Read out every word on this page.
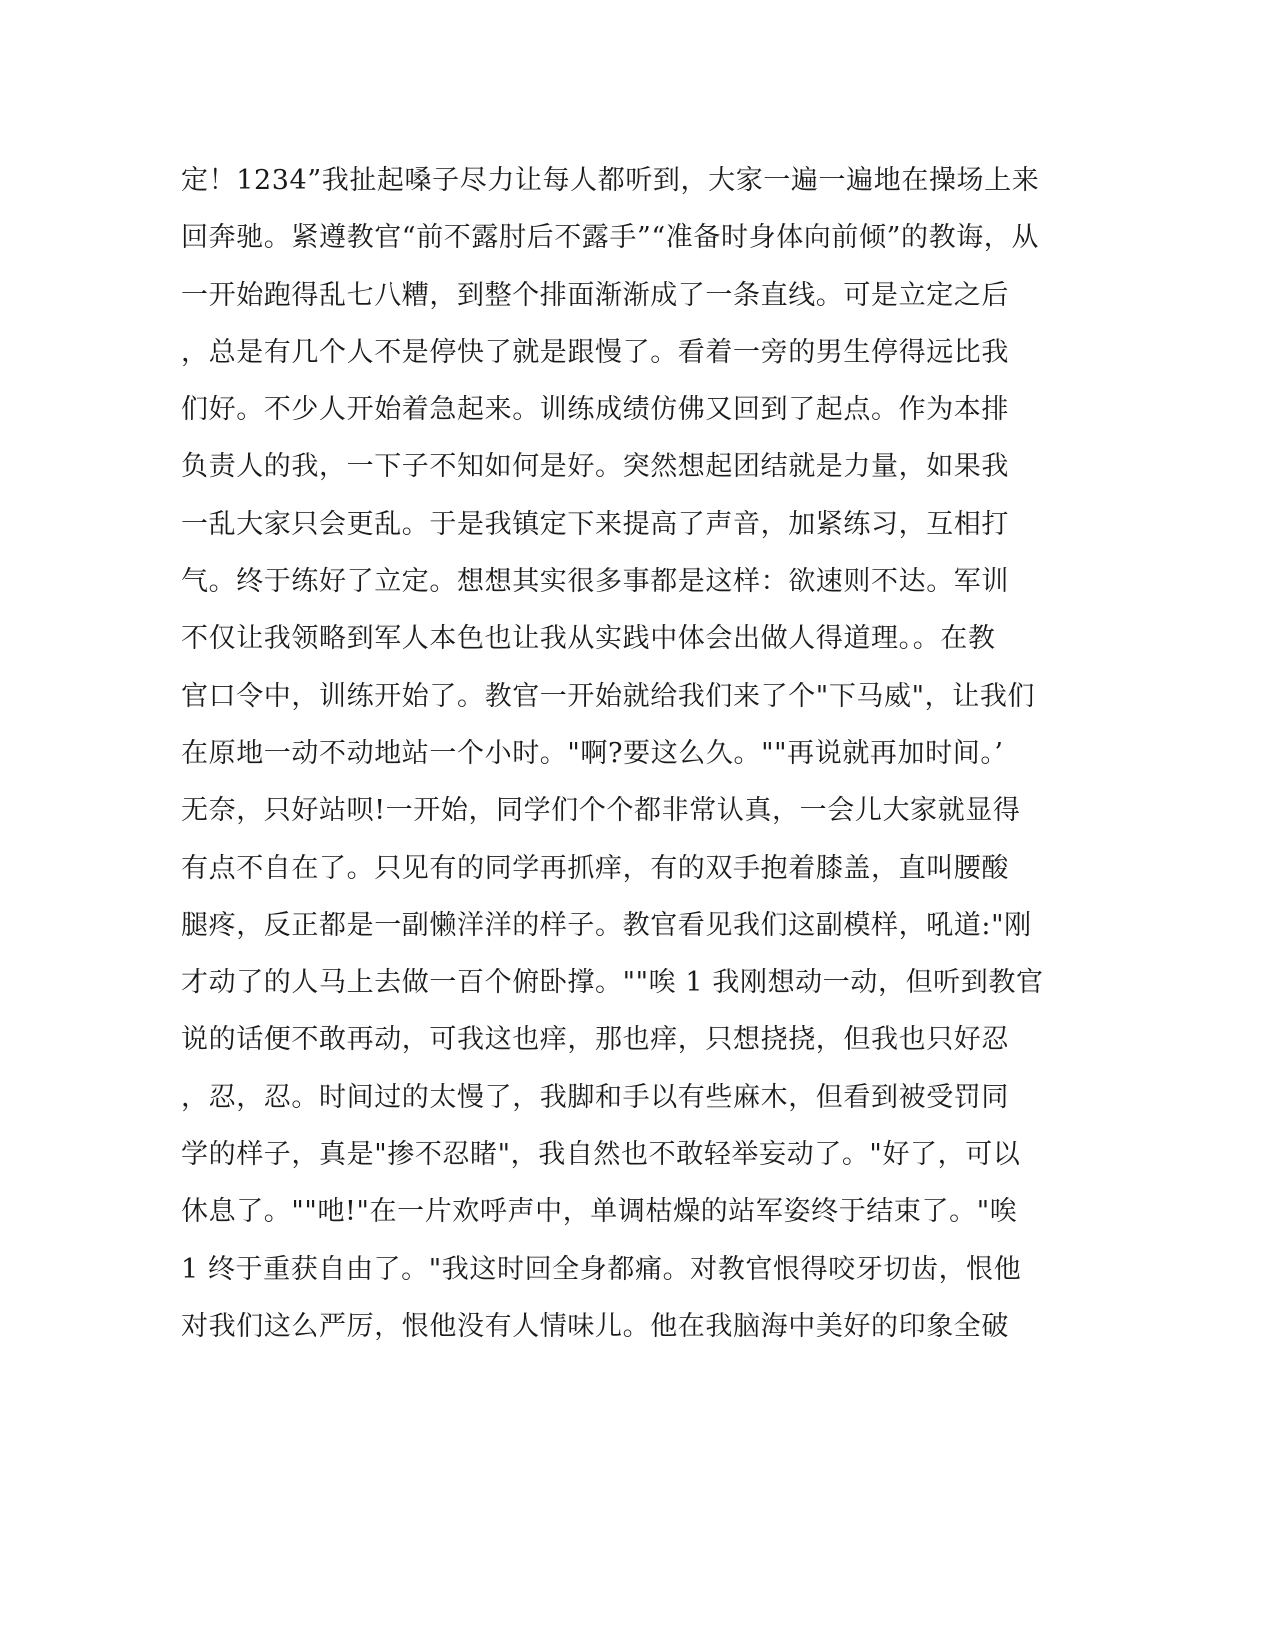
定！1234”我扯起嗓子尽力让每人都听到，大家一遍一遍地在操场上来
回奔驰。紧遵教官“前不露肘后不露手”“准备时身体向前倾”的教诲，从
一开始跑得乱七八糟，到整个排面渐渐成了一条直线。可是立定之后
，总是有几个人不是停快了就是跟慢了。看着一旁的男生停得远比我
们好。不少人开始着急起来。训练成绩仿佛又回到了起点。作为本排
负责人的我，一下子不知如何是好。突然想起团结就是力量，如果我
一乱大家只会更乱。于是我镇定下来提高了声音，加紧练习，互相打
气。终于练好了立定。想想其实很多事都是这样：欲速则不达。军训
不仅让我领略到军人本色也让我从实践中体会出做人得道理。。在教
官口令中，训练开始了。教官一开始就给我们来了个"下马威"，让我们
在原地一动不动地站一个小时。"啊?要这么久。""再说就再加时间。’
无奈，只好站呗!一开始，同学们个个都非常认真，一会儿大家就显得
有点不自在了。只见有的同学再抓痒，有的双手抱着膝盖，直叫腰酸
腿疼，反正都是一副懒洋洋的样子。教官看见我们这副模样，吼道:"刚
才动了的人马上去做一百个俯卧撑。""唉 1 我刚想动一动，但听到教官
说的话便不敢再动，可我这也痒，那也痒，只想挠挠，但我也只好忍
，忍，忍。时间过的太慢了，我脚和手以有些麻木，但看到被受罚同
学的样子，真是"掺不忍睹"，我自然也不敢轻举妄动了。"好了，可以
休息了。""吔!"在一片欢呼声中，单调枯燥的站军姿终于结束了。"唉
1 终于重获自由了。"我这时回全身都痛。对教官恨得咬牙切齿，恨他
对我们这么严厉，恨他没有人情味儿。他在我脑海中美好的印象全破
